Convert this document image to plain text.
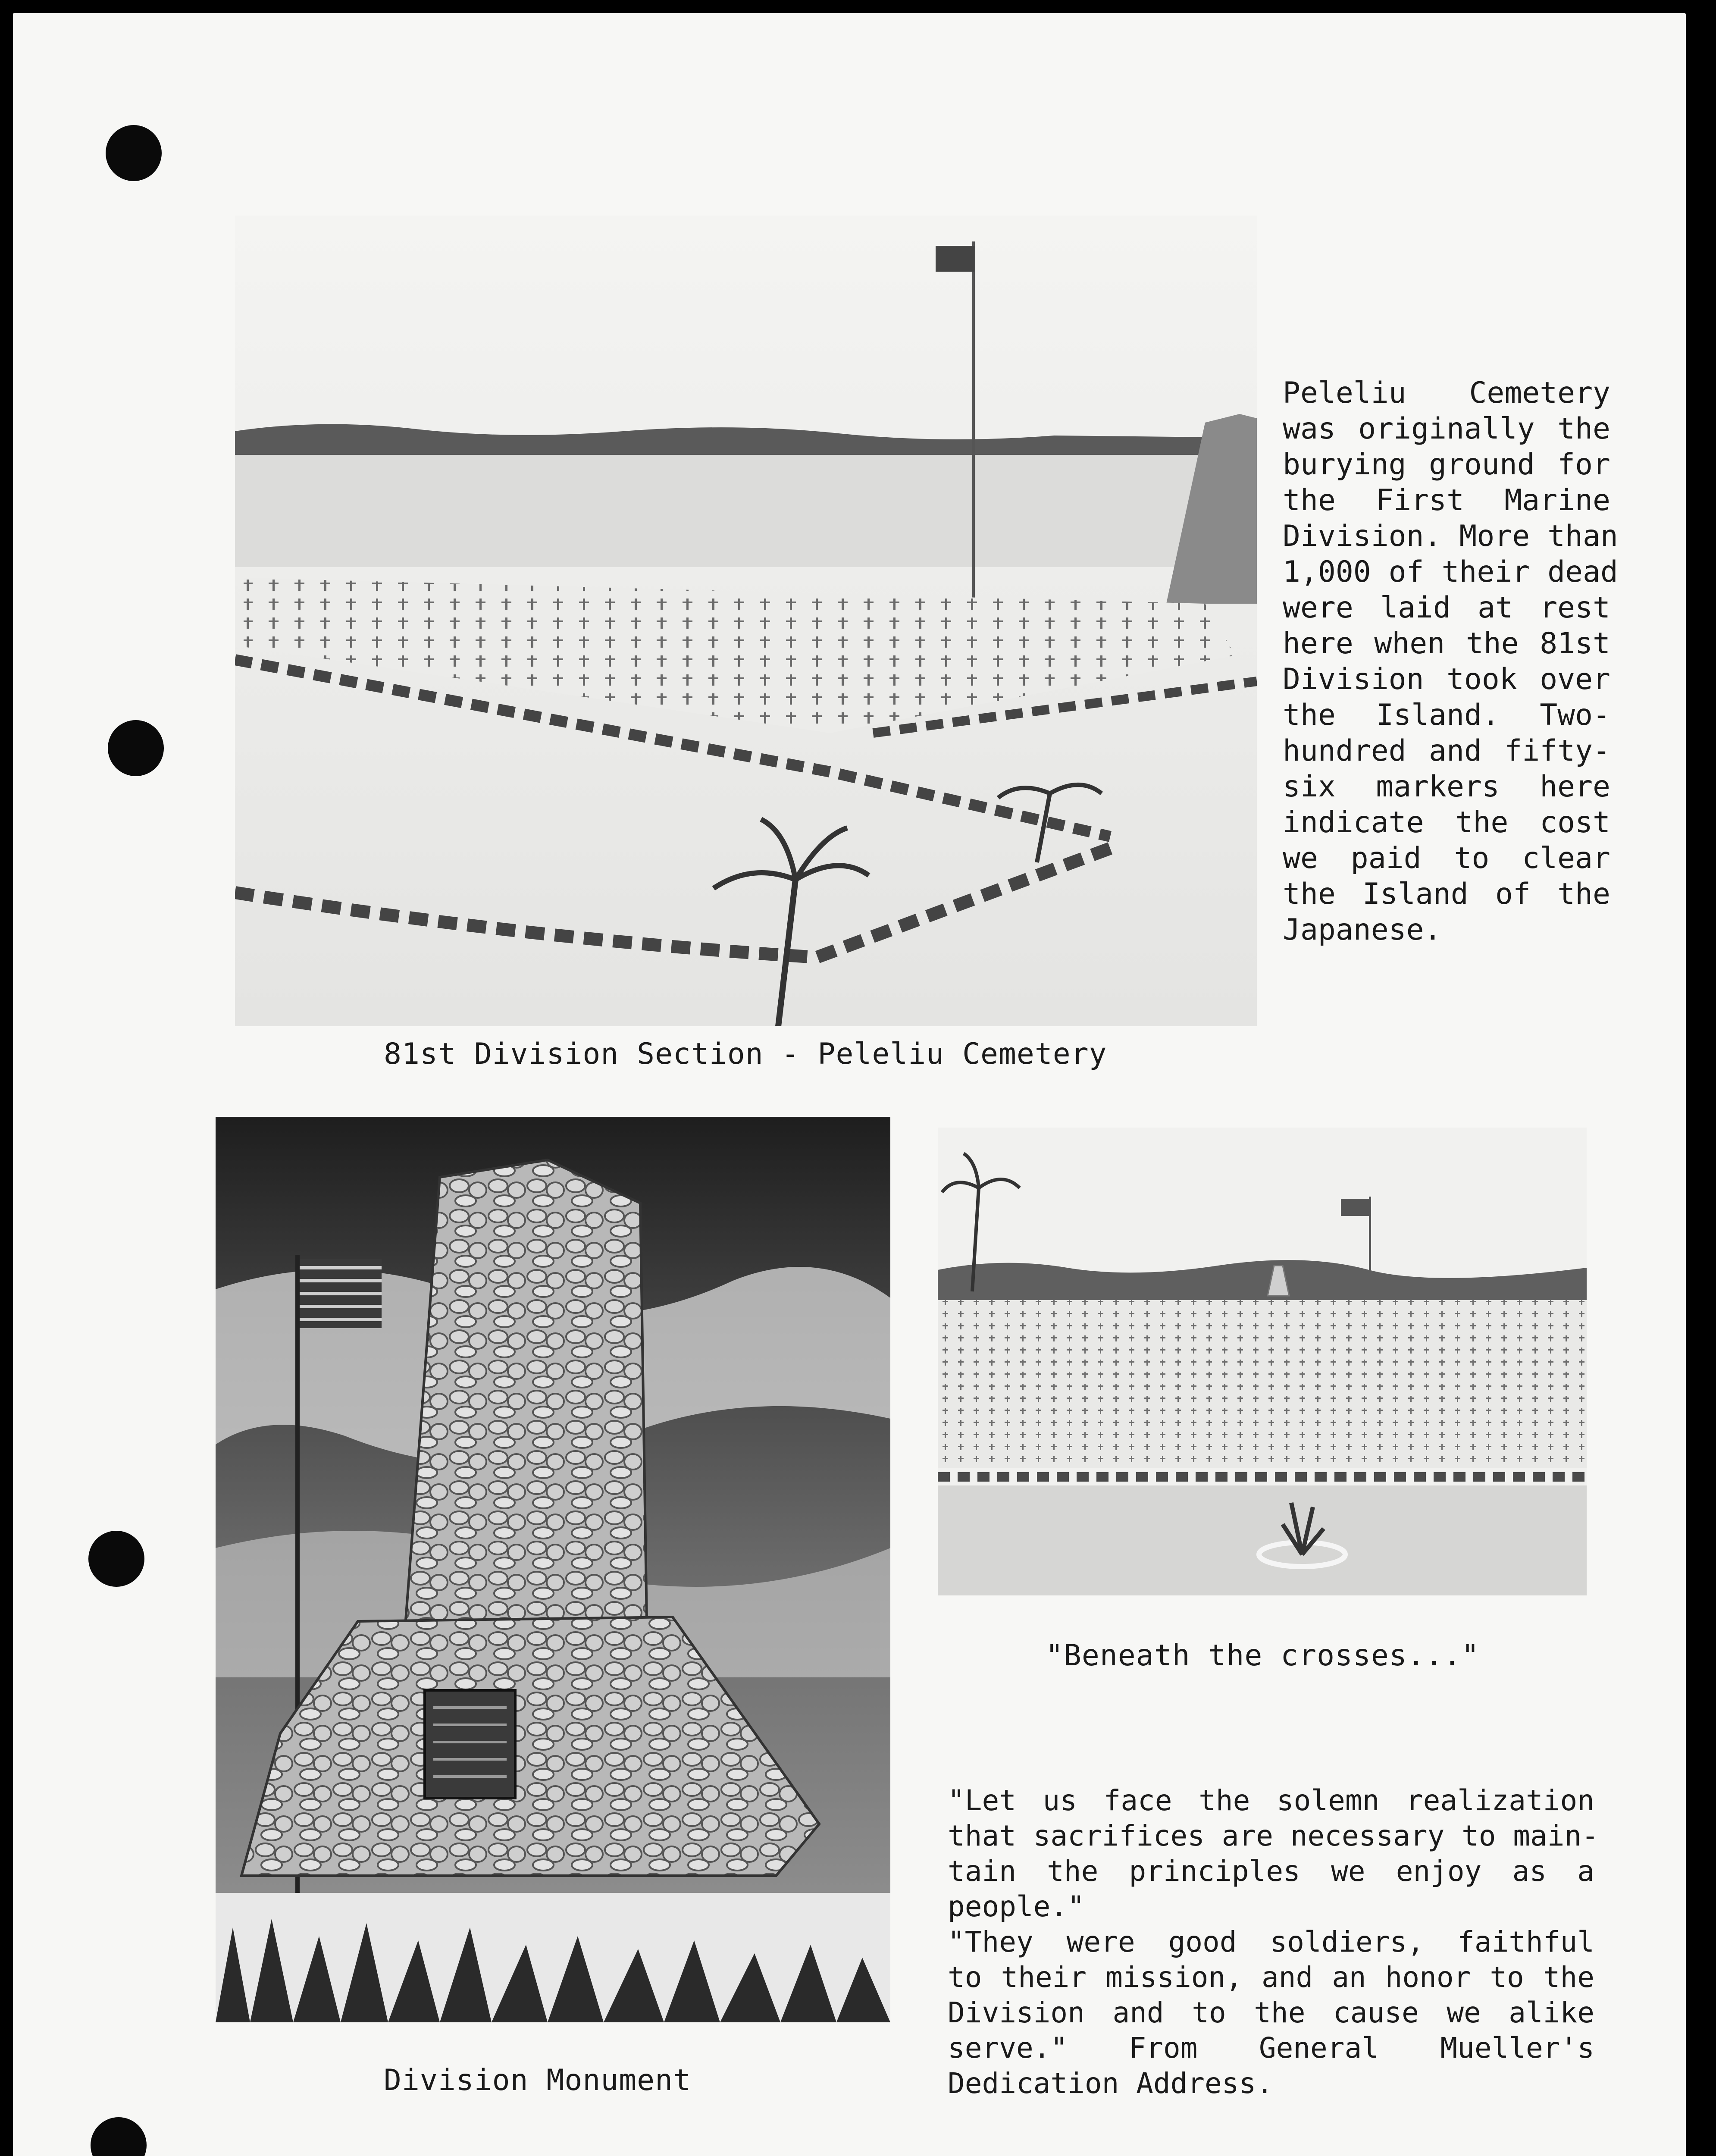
81st Division Section - Peleliu Cemetery
Peleliu Cemetery
was originally the
burying ground for
the First Marine
Division. More than
1,000 of their dead
were laid at rest
here when the 81st
Division took over
the Island. Two-
hundred and fifty-
six markers here
indicate the cost
we paid to clear
the Island of the
Japanese.
Division Monument
"Beneath the crosses..."
"Let us face the solemn realization
that sacrifices are necessary to main-
tain the principles we enjoy as a
people."
"They were good soldiers, faithful
to their mission, and an honor to the
Division and to the cause we alike
serve." From General Mueller's
Dedication Address.
